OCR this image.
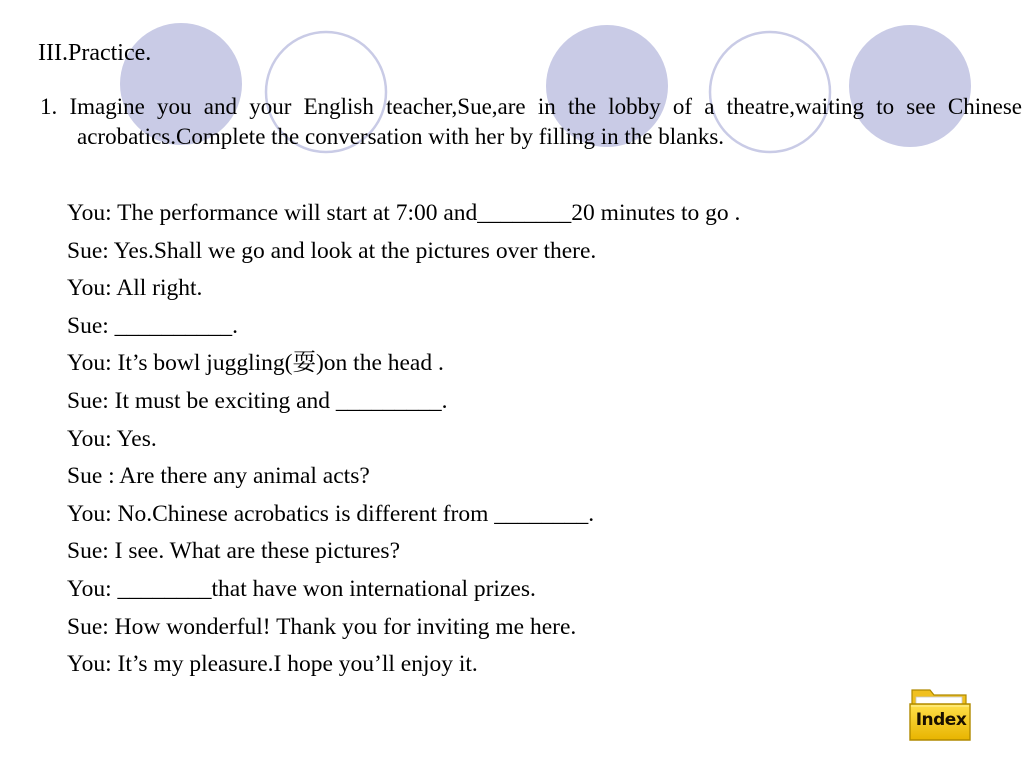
III.Practice.
1. Imagine you and your English teacher,Sue,are in the lobby of a theatre,waiting to see Chinese acrobatics.Complete the conversation with her by filling in the blanks.
You: The performance will start at 7:00 and________20 minutes to go .
Sue: Yes.Shall we go and look at the pictures over there.
You: All right.
Sue: __________.
You: It’s bowl juggling(耍)on the head .
Sue: It must be exciting and _________.
You: Yes.
Sue : Are there any animal acts?
You: No.Chinese acrobatics is different from ________.
Sue: I see. What are these pictures?
You: ________that have won international prizes.
Sue: How wonderful! Thank you for inviting me here.
You: It’s my pleasure.I hope you’ll enjoy it.
Index
